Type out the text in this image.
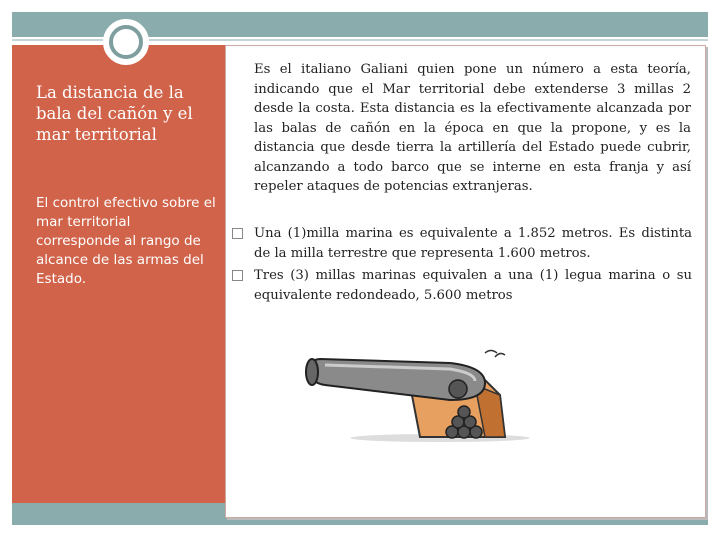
La distancia de la bala del cañón y el mar territorial
El control efectivo sobre el mar territorial corresponde al rango de alcance de las armas del Estado.
Es el italiano Galiani quien pone un número a esta teoría, indicando que el Mar territorial debe extenderse 3 millas 2 desde la costa. Esta distancia es la efectivamente alcanzada por las balas de cañón en la época en que la propone, y es la distancia que desde tierra la artillería del Estado puede cubrir, alcanzando a todo barco que se interne en esta franja y así repeler ataques de potencias extranjeras.
Una (1)milla marina es equivalente a 1.852 metros. Es distinta de la milla terrestre que representa 1.600 metros.
Tres (3) millas marinas equivalen a una (1) legua marina o su equivalente redondeado, 5.600 metros
